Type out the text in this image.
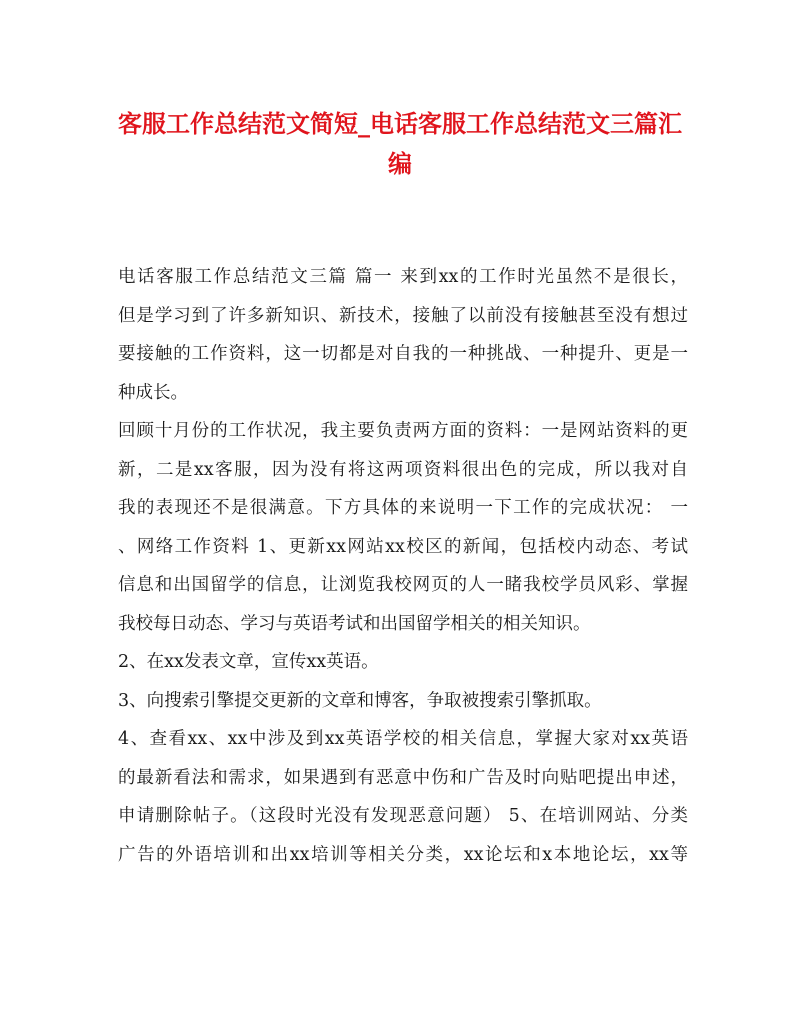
客服工作总结范文简短_电话客服工作总结范文三篇汇
编
电话客服工作总结范文三篇 篇一 来到xx的工作时光虽然不是很长，
但是学习到了许多新知识、新技术，接触了以前没有接触甚至没有想过
要接触的工作资料，这一切都是对自我的一种挑战、一种提升、更是一
种成长。
回顾十月份的工作状况，我主要负责两方面的资料：一是网站资料的更
新，二是xx客服，因为没有将这两项资料很出色的完成，所以我对自
我的表现还不是很满意。下方具体的来说明一下工作的完成状况： 一
、网络工作资料 1、更新xx网站xx校区的新闻，包括校内动态、考试
信息和出国留学的信息，让浏览我校网页的人一睹我校学员风彩、掌握
我校每日动态、学习与英语考试和出国留学相关的相关知识。
2、在xx发表文章，宣传xx英语。
3、向搜索引擎提交更新的文章和博客，争取被搜索引擎抓取。
4、查看xx、xx中涉及到xx英语学校的相关信息，掌握大家对xx英语
的最新看法和需求，如果遇到有恶意中伤和广告及时向贴吧提出申述，
申请删除帖子。（这段时光没有发现恶意问题） 5、在培训网站、分类
广告的外语培训和出xx培训等相关分类，xx论坛和x本地论坛，xx等
